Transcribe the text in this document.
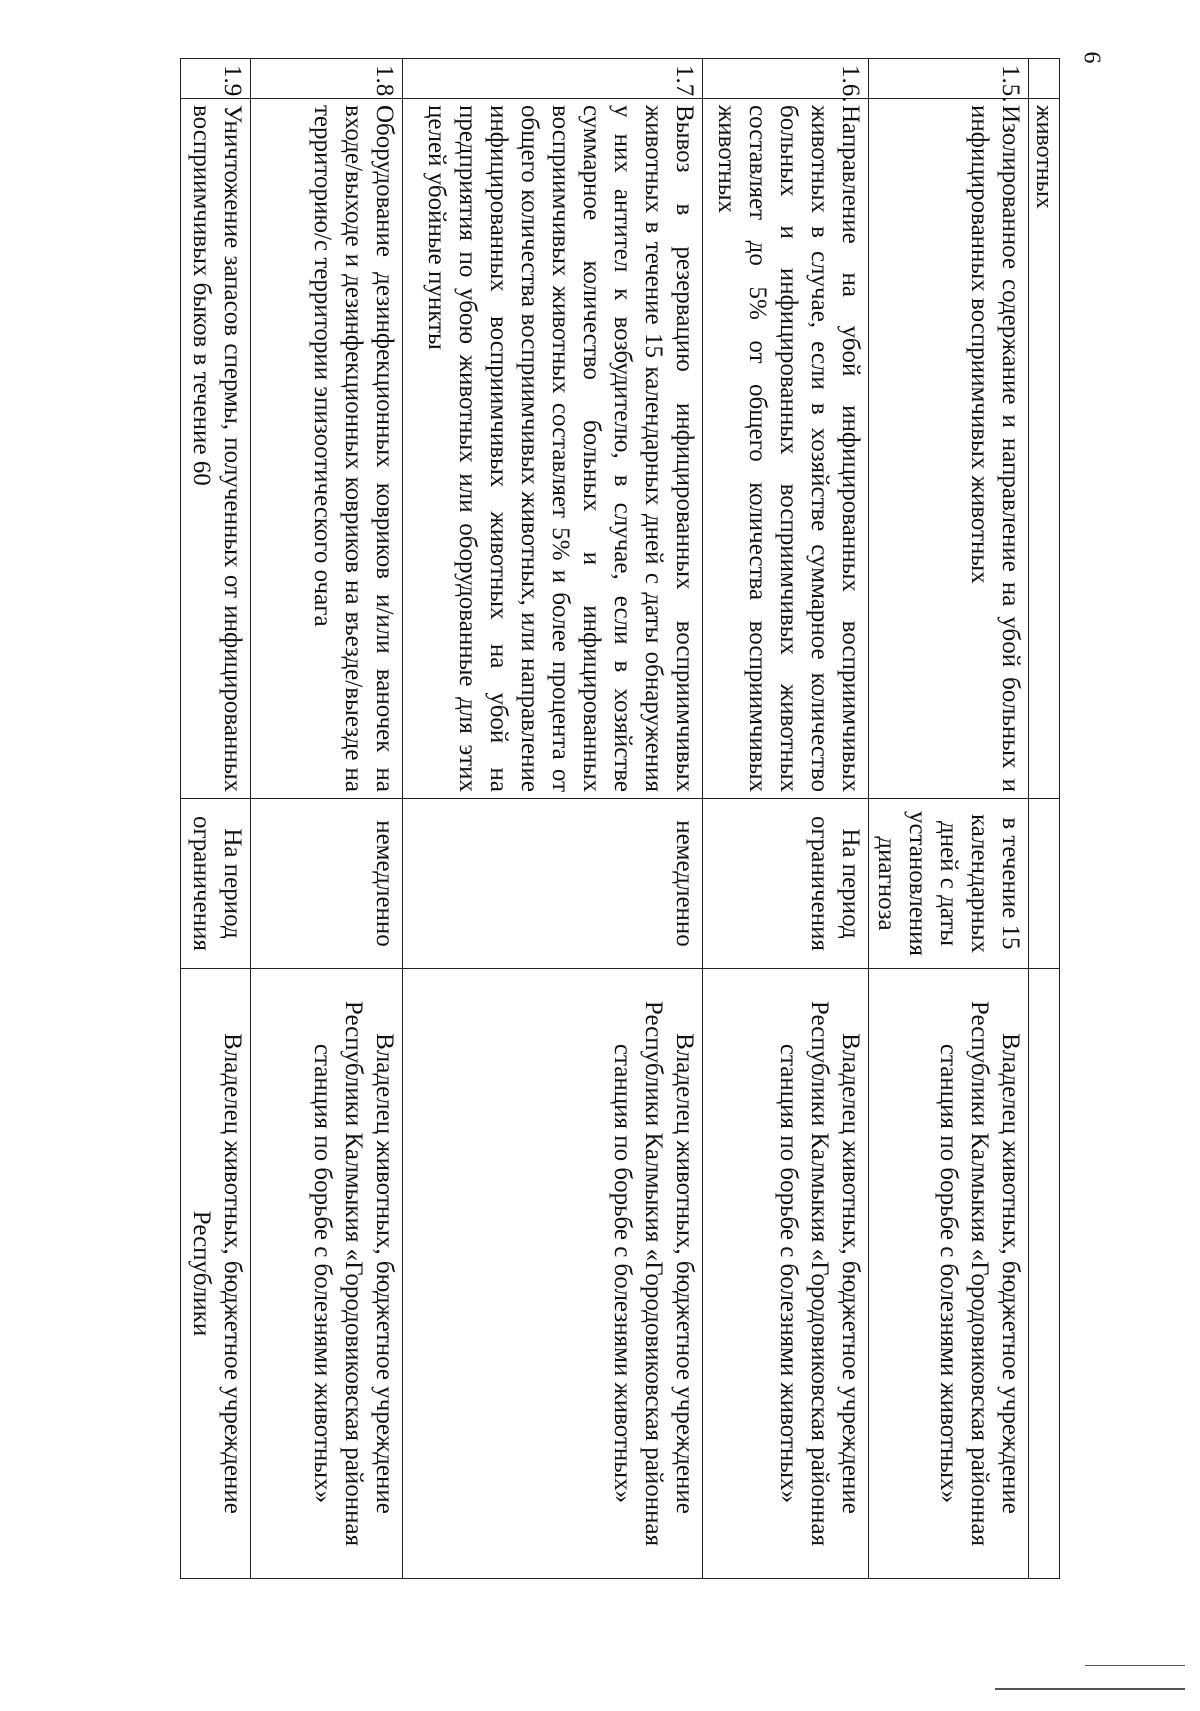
	животных		
1.5.	Изолированное содержание и направление на убой больных и инфицированных восприимчивых животных	в течение 15 календарных дней с даты установления диагноза	Владелец животных, бюджетное учреждение Республики Калмыкия «Городовиковская районная станция по борьбе с болезнями животных»
1.6.	Направление на убой инфицированных восприимчивых животных в случае, если в хозяйстве суммарное количество больных и инфицированных восприимчивых животных составляет до 5% от общего количества восприимчивых животных	На период ограничения	Владелец животных, бюджетное учреждение Республики Калмыкия «Городовиковская районная станция по борьбе с болезнями животных»
1.7	Вывоз в резервацию инфицированных восприимчивых животных в течение 15 календарных дней с даты обнаружения у них антител к возбудителю, в случае, если в хозяйстве суммарное количество больных и инфицированных восприимчивых животных составляет 5% и более процента от общего количества восприимчивых животных, или направление инфицированных восприимчивых животных на убой на предприятия по убою животных или оборудованные для этих целей убойные пункты	немедленно	Владелец животных, бюджетное учреждение Республики Калмыкия «Городовиковская районная станция по борьбе с болезнями животных»
1.8	Оборудование дезинфекционных ковриков и/или ваночек на входе/выходе и дезинфекционных ковриков на въезде/выезде на территорию/с территории эпизоотического очага	немедленно	Владелец животных, бюджетное учреждение Республики Калмыкия «Городовиковская районная станция по борьбе с болезнями животных»
1.9	Уничтожение запасов спермы, полученных от инфицированных восприимчивых быков в течение 60	На период ограничения	Владелец животных, бюджетное учреждение Республики
6
